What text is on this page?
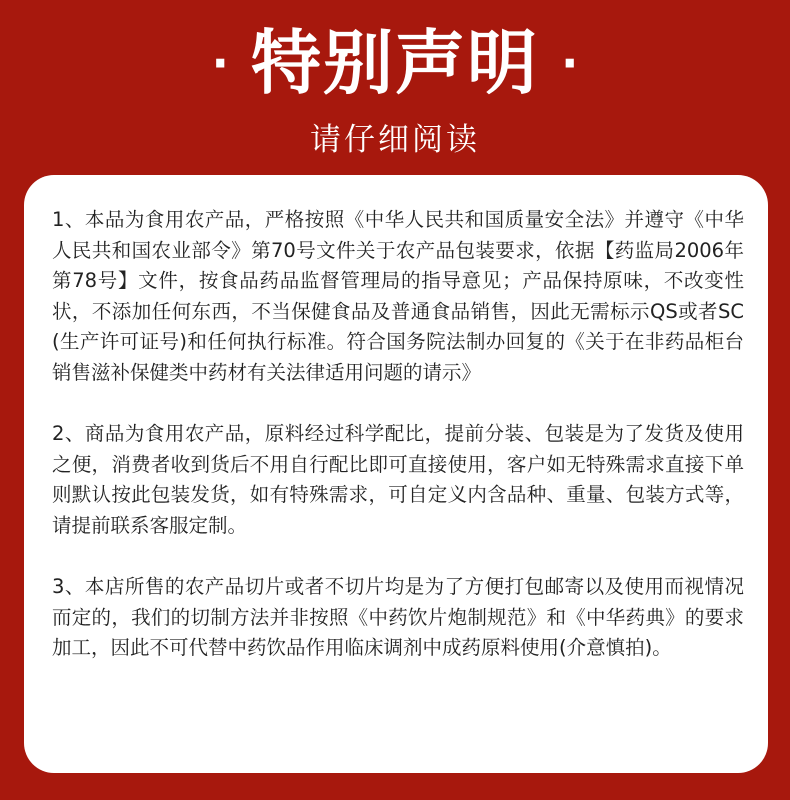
· 特别声明 ·
请仔细阅读

1、本品为食用农产品，严格按照《中华人民共和国质量安全法》并遵守《中华人民共和国农业部令》第70号文件关于农产品包装要求，依据【药监局2006年第78号】文件，按食品药品监督管理局的指导意见；产品保持原味，不改变性状，不添加任何东西，不当保健食品及普通食品销售，因此无需标示QS或者SC (生产许可证号)和任何执行标准。符合国务院法制办回复的《关于在非药品柜台销售滋补保健类中药材有关法律适用问题的请示》

2、商品为食用农产品，原料经过科学配比，提前分装、包装是为了发货及使用之便，消费者收到货后不用自行配比即可直接使用，客户如无特殊需求直接下单则默认按此包装发货，如有特殊需求，可自定义内含品种、重量、包装方式等，请提前联系客服定制。

3、本店所售的农产品切片或者不切片均是为了方便打包邮寄以及使用而视情况而定的，我们的切制方法并非按照《中药饮片炮制规范》和《中华药典》的要求加工，因此不可代替中药饮品作用临床调剂中成药原料使用(介意慎拍)。
